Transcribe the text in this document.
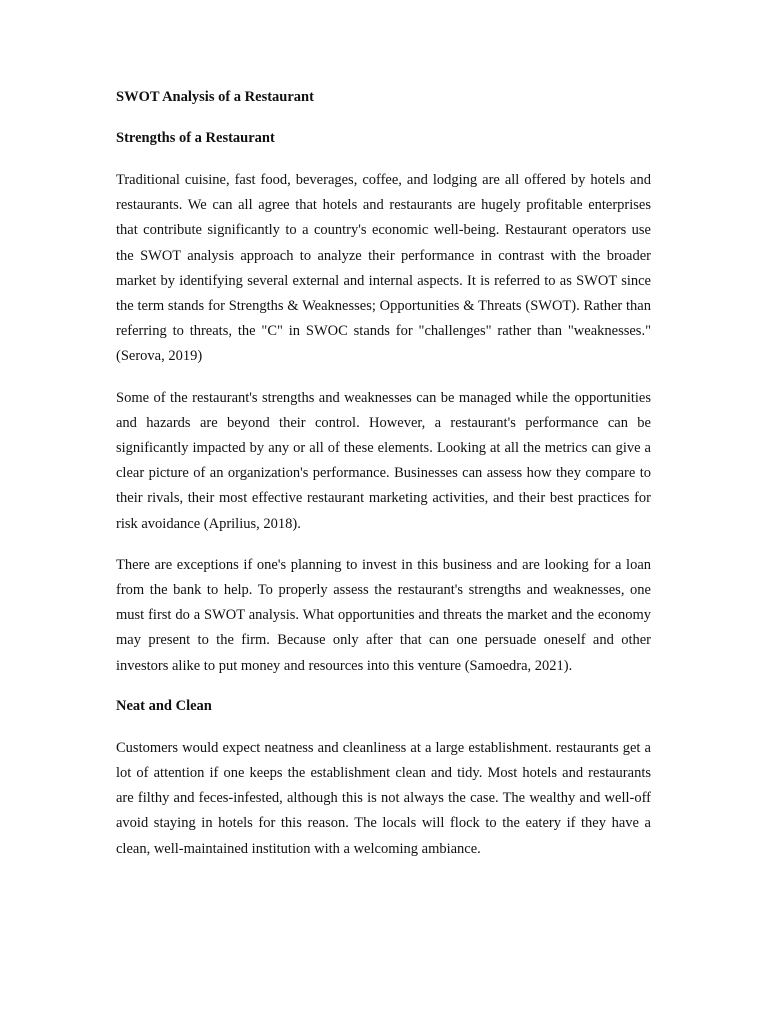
SWOT Analysis of a Restaurant
Strengths of a Restaurant

Traditional cuisine, fast food, beverages, coffee, and lodging are all offered by hotels and restaurants. We can all agree that hotels and restaurants are hugely profitable enterprises that contribute significantly to a country's economic well-being. Restaurant operators use the SWOT analysis approach to analyze their performance in contrast with the broader market by identifying several external and internal aspects. It is referred to as SWOT since the term stands for Strengths & Weaknesses; Opportunities & Threats (SWOT). Rather than referring to threats, the "C" in SWOC stands for "challenges" rather than "weaknesses."(Serova, 2019)

Some of the restaurant's strengths and weaknesses can be managed while the opportunities and hazards are beyond their control. However, a restaurant's performance can be significantly impacted by any or all of these elements. Looking at all the metrics can give a clear picture of an organization's performance. Businesses can assess how they compare to their rivals, their most effective restaurant marketing activities, and their best practices for risk avoidance (Aprilius, 2018).

There are exceptions if one's planning to invest in this business and are looking for a loan from the bank to help. To properly assess the restaurant's strengths and weaknesses, one must first do a SWOT analysis. What opportunities and threats the market and the economy may present to the firm. Because only after that can one persuade oneself and other investors alike to put money and resources into this venture (Samoedra, 2021).

Neat and Clean

Customers would expect neatness and cleanliness at a large establishment. restaurants get a lot of attention if one keeps the establishment clean and tidy. Most hotels and restaurants are filthy and feces-infested, although this is not always the case. The wealthy and well-off avoid staying in hotels for this reason. The locals will flock to the eatery if they have a clean, well-maintained institution with a welcoming ambiance.
